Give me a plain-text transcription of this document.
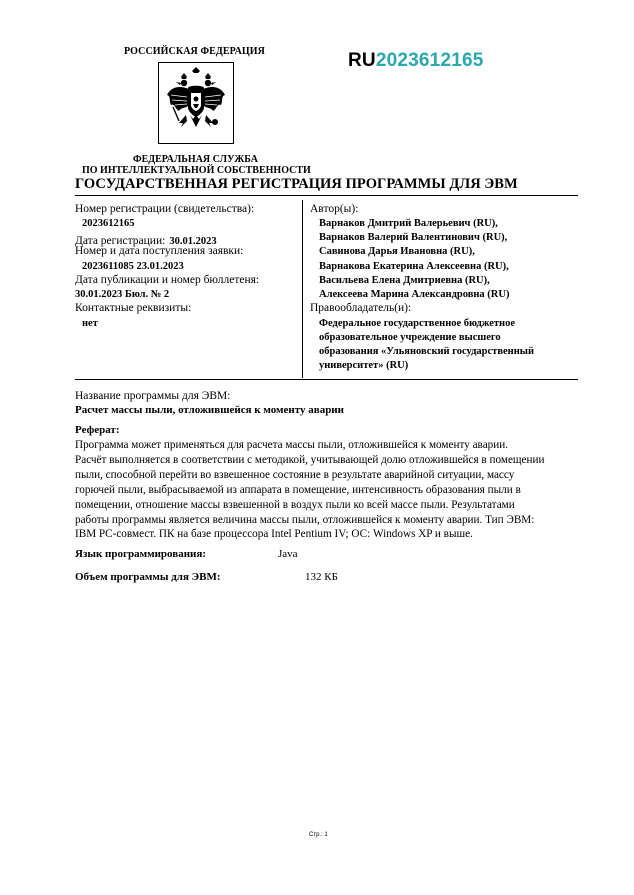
РОССИЙСКАЯ ФЕДЕРАЦИЯ	RU2023612165
ФЕДЕРАЛЬНАЯ СЛУЖБА
ПО ИНТЕЛЛЕКТУАЛЬНОЙ СОБСТВЕННОСТИ
ГОСУДАРСТВЕННАЯ РЕГИСТРАЦИЯ ПРОГРАММЫ ДЛЯ ЭВМ
Номер регистрации (свидетельства):
2023612165
Дата регистрации: 30.01.2023
Номер и дата поступления заявки:
2023611085 23.01.2023
Дата публикации и номер бюллетеня:
30.01.2023 Бюл. № 2
Контактные реквизиты:
нет
Автор(ы):
Варнаков Дмитрий Валерьевич (RU),
Варнаков Валерий Валентинович (RU),
Савинова Дарья Ивановна (RU),
Варнакова Екатерина Алексеевна (RU),
Васильева Елена Дмитриевна (RU),
Алексеева Марина Александровна (RU)
Правообладатель(и):
Федеральное государственное бюджетное
образовательное учреждение высшего
образования «Ульяновский государственный
университет» (RU)
Название программы для ЭВМ:
Расчет массы пыли, отложившейся к моменту аварии
Реферат:
Программа может применяться для расчета массы пыли, отложившейся к моменту аварии.
Расчёт выполняется в соответствии с методикой, учитывающей долю отложившейся в помещении
пыли, способной перейти во взвешенное состояние в результате аварийной ситуации, массу
горючей пыли, выбрасываемой из аппарата в помещение, интенсивность образования пыли в
помещении, отношение массы взвешенной в воздух пыли ко всей массе пыли. Результатами
работы программы является величина массы пыли, отложившейся к моменту аварии. Тип ЭВМ:
IBM PC-совмест. ПК на базе процессора Intel Pentium IV; ОС: Windows XP и выше.
Язык программирования:	Java
Объем программы для ЭВМ:	132 КБ
Стр.: 1
